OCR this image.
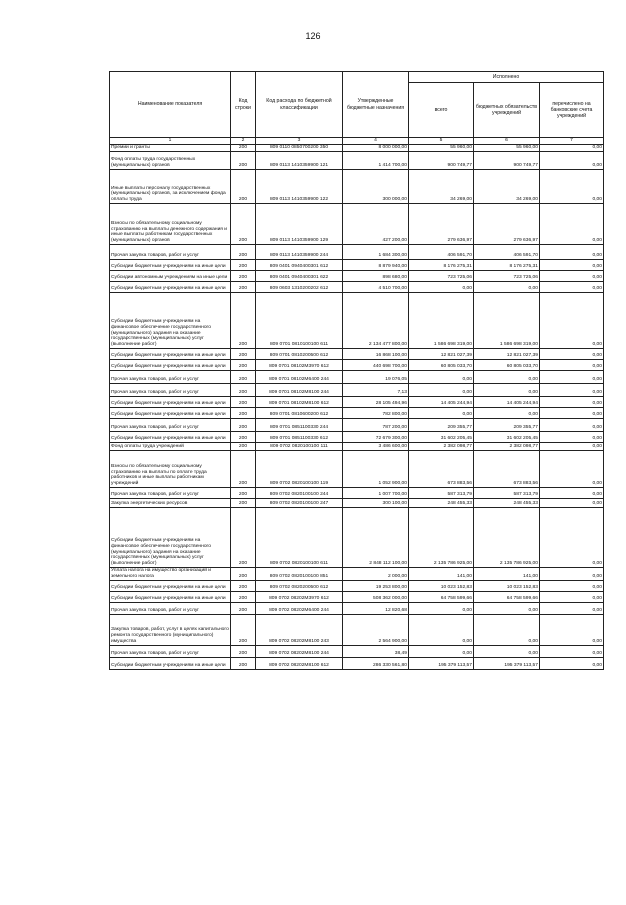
126
Наименование показателя	Код строки	Код расхода по бюджетной классификации	Утвержденные бюджетные назначения	Исполнено		
				всего	бюджетных обязательств учреждений	перечислено на банковские счета учреждений
1	2	3	4	5	6	7
Премии и гранты	200	809 0110 0850700200 350	8 000 000,00	55 960,00	55 960,00	0,00
Фонд оплаты труда государственных (муниципальных) органов	200	809 0113 1410359900 121	1 414 700,00	900 749,77	900 749,77	0,00
Иные выплаты персоналу государственных (муниципальных) органов, за исключением фонда оплаты труда	200	809 0113 1410359900 122	300 000,00	34 269,00	34 269,00	0,00
Взносы по обязательному социальному страхованию на выплаты денежного содержания и иные выплаты работникам государственных (муниципальных) органов	200	809 0113 1410359900 129	427 200,00	279 636,97	279 636,97	0,00
Прочая закупка товаров, работ и услуг	200	809 0113 1410359900 244	1 684 300,00	406 591,70	406 591,70	0,00
Субсидии бюджетным учреждениям на иные цели	200	809 0401 0940400301 612	8 879 940,00	8 176 275,31	8 176 275,31	0,00
Субсидии автономным учреждениям на иные цели	200	809 0401 0940400301 622	898 680,00	723 725,06	723 725,06	0,00
Субсидии бюджетным учреждениям на иные цели	200	809 0603 1310200202 612	4 510 700,00	0,00	0,00	0,00
Субсидии бюджетным учреждениям на финансовое обеспечение государственного (муниципального) задания на оказание государственных (муниципальных) услуг (выполнение работ)	200	809 0701 0810100100 611	2 134 477 800,00	1 586 698 319,00	1 586 698 319,00	0,00
Субсидии бюджетным учреждениям на иные цели	200	809 0701 0810200500 612	16 868 100,00	12 821 027,39	12 821 027,39	0,00
Субсидии бюджетным учреждениям на иные цели	200	809 0701 08102М3970 612	440 698 700,00	60 805 033,70	60 805 033,70	0,00
Прочая закупка товаров, работ и услуг	200	809 0701 08102М6400 244	19 076,05	0,00	0,00	0,00
Прочая закупка товаров, работ и услуг	200	809 0701 08102М8100 244	7,13	0,00	0,00	0,00
Субсидии бюджетным учреждениям на иные цели	200	809 0701 08102М8100 612	28 105 494,96	14 405 244,94	14 405 244,94	0,00
Субсидии бюджетным учреждениям на иные цели	200	809 0701 0810600200 612	782 800,00	0,00	0,00	0,00
Прочая закупка товаров, работ и услуг	200	809 0701 0851100330 244	787 200,00	209 355,77	209 355,77	0,00
Субсидии бюджетным учреждениям на иные цели	200	809 0701 0851100330 612	72 679 300,00	31 602 205,45	31 602 205,45	0,00
Фонд оплаты труда учреждений	200	809 0702 0820100100 111	3 486 600,00	2 382 098,77	2 382 098,77	0,00
Взносы по обязательному социальному страхованию на выплаты по оплате труда работников и иные выплаты работникам учреждений	200	809 0702 0820100100 119	1 052 900,00	673 883,56	673 883,56	0,00
Прочая закупка товаров, работ и услуг	200	809 0702 0820100100 244	1 007 700,00	587 313,79	587 313,79	0,00
Закупка энергетических ресурсов	200	809 0702 0820100100 247	300 100,00	248 455,33	248 455,33	0,00
Субсидии бюджетным учреждениям на финансовое обеспечение государственного (муниципального) задания на оказание государственных (муниципальных) услуг (выполнение работ)	200	809 0702 0820100100 611	2 848 112 100,00	2 135 786 925,00	2 135 786 925,00	0,00
Уплата налога на имущество организаций и земельного налога	200	809 0702 0820100100 851	2 000,00	141,00	141,00	0,00
Субсидии бюджетным учреждениям на иные цели	200	809 0702 0820200500 612	19 253 800,00	10 023 152,83	10 023 152,83	0,00
Субсидии бюджетным учреждениям на иные цели	200	809 0702 08202М3970 612	508 362 000,00	64 758 599,66	64 758 599,66	0,00
Прочая закупка товаров, работ и услуг	200	809 0702 08202М6400 244	12 820,68	0,00	0,00	0,00
Закупка товаров, работ, услуг в целях капитального ремонта государственного (муниципального) имущества	200	809 0702 08202М8100 243	2 564 900,00	0,00	0,00	0,00
Прочая закупка товаров, работ и услуг	200	809 0702 08202М8100 244	38,49	0,00	0,00	0,00
Субсидии бюджетным учреждениям на иные цели	200	809 0702 08202М8100 612	286 330 561,80	195 379 113,57	195 379 113,57	0,00
